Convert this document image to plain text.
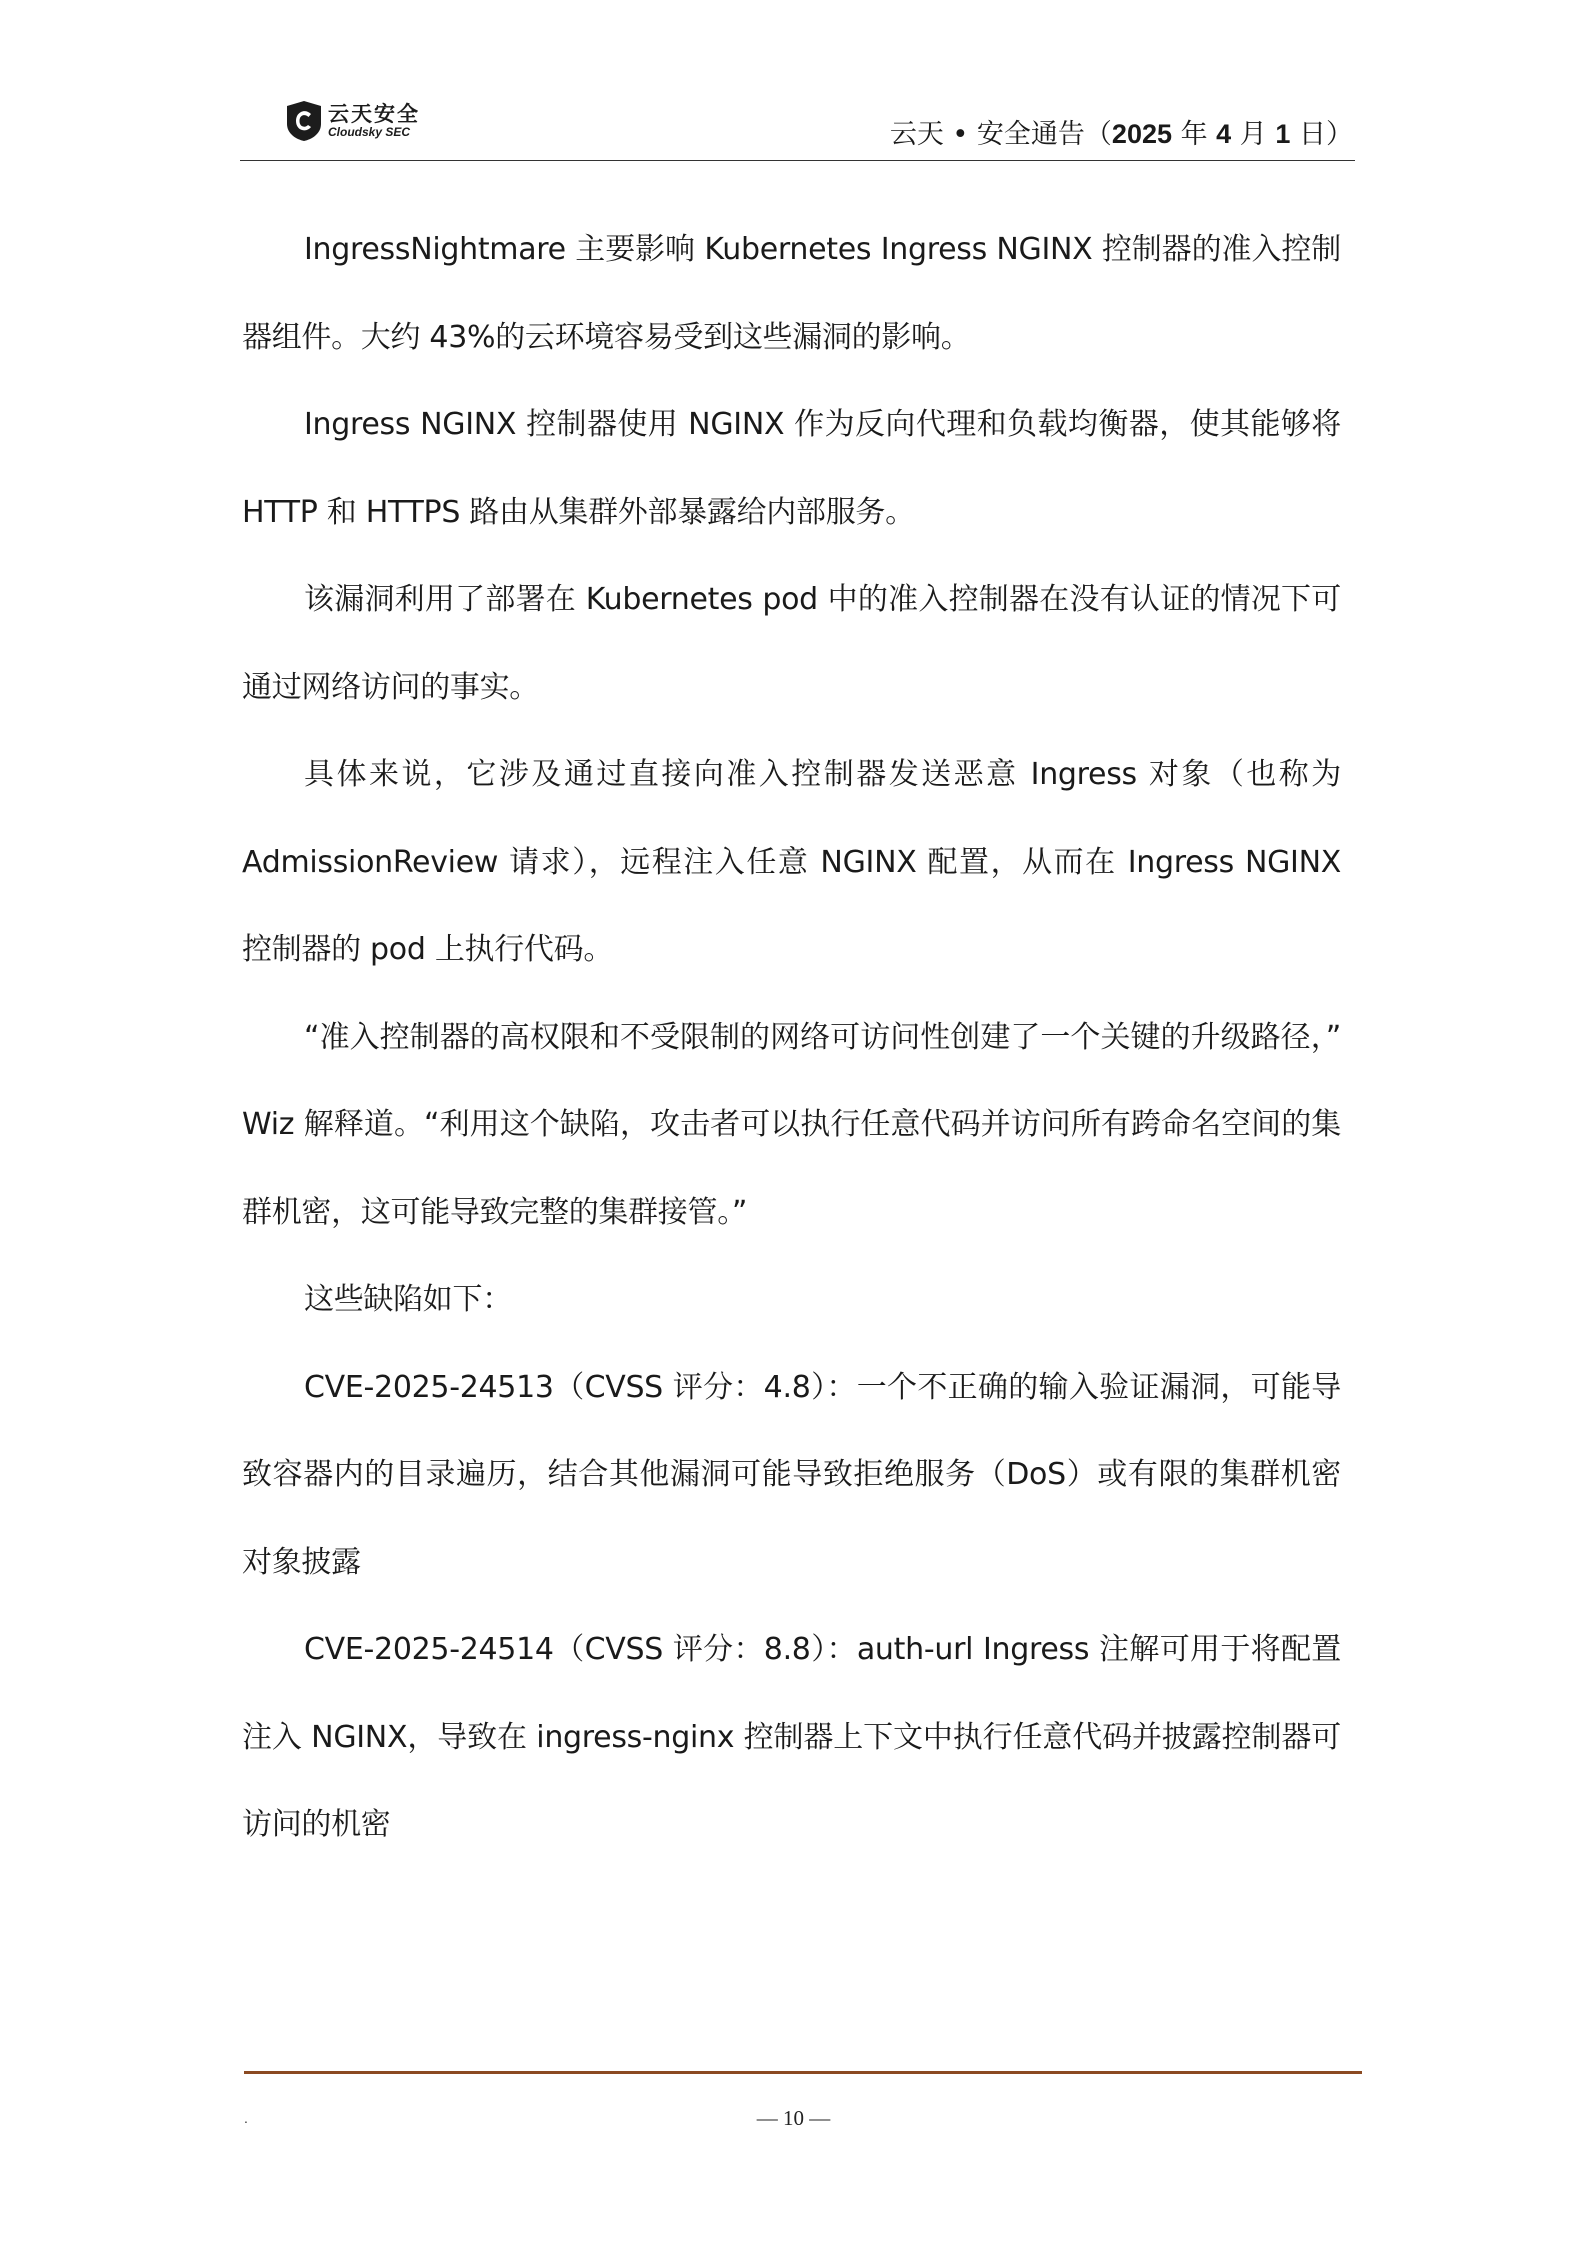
云天安全
Cloudsky SEC	云天 • 安全通告（2025 年 4 月 1 日）

IngressNightmare 主要影响 Kubernetes Ingress NGINX 控制器的准入控制器组件。大约 43%的云环境容易受到这些漏洞的影响。

Ingress NGINX 控制器使用 NGINX 作为反向代理和负载均衡器，使其能够将 HTTP 和 HTTPS 路由从集群外部暴露给内部服务。

该漏洞利用了部署在 Kubernetes pod 中的准入控制器在没有认证的情况下可通过网络访问的事实。

具体来说，它涉及通过直接向准入控制器发送恶意 Ingress 对象（也称为 AdmissionReview 请求），远程注入任意 NGINX 配置，从而在 Ingress NGINX 控制器的 pod 上执行代码。

“准入控制器的高权限和不受限制的网络可访问性创建了一个关键的升级路径，” Wiz 解释道。“利用这个缺陷，攻击者可以执行任意代码并访问所有跨命名空间的集群机密，这可能导致完整的集群接管。”

这些缺陷如下：

CVE-2025-24513（CVSS 评分：4.8）：一个不正确的输入验证漏洞，可能导致容器内的目录遍历，结合其他漏洞可能导致拒绝服务（DoS）或有限的集群机密对象披露

CVE-2025-24514（CVSS 评分：8.8）：auth-url Ingress 注解可用于将配置注入 NGINX，导致在 ingress-nginx 控制器上下文中执行任意代码并披露控制器可访问的机密

.	— 10 —
